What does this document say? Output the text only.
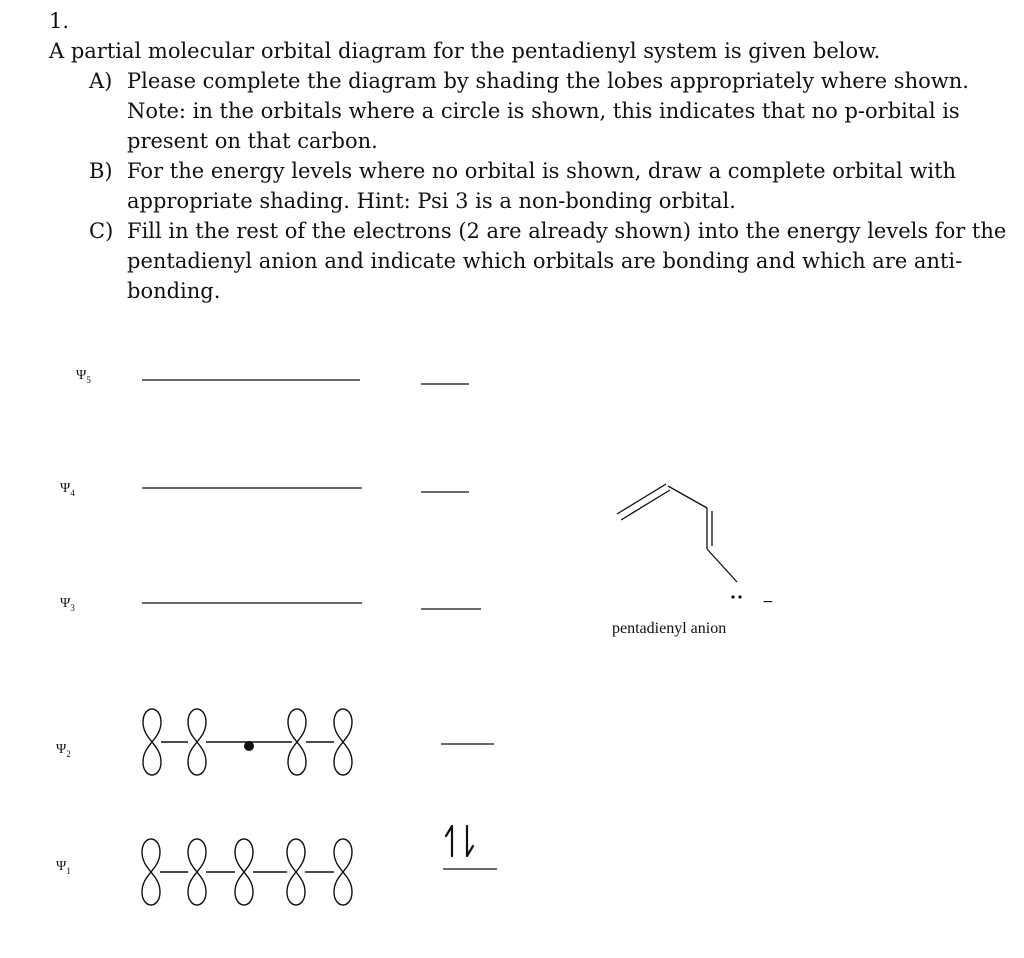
1.

A partial molecular orbital diagram for the pentadienyl system is given below.

A) Please complete the diagram by shading the lobes appropriately where shown. Note: in the orbitals where a circle is shown, this indicates that no p-orbital is present on that carbon.

B) For the energy levels where no orbital is shown, draw a complete orbital with appropriate shading. Hint: Psi 3 is a non-bonding orbital.

C) Fill in the rest of the electrons (2 are already shown) into the energy levels for the pentadienyl anion and indicate which orbitals are bonding and which are anti-bonding.

$\Psi_5$
$\Psi_4$
$\Psi_3$
$\Psi_2$
$\Psi_1$
pentadienyl anion
−
